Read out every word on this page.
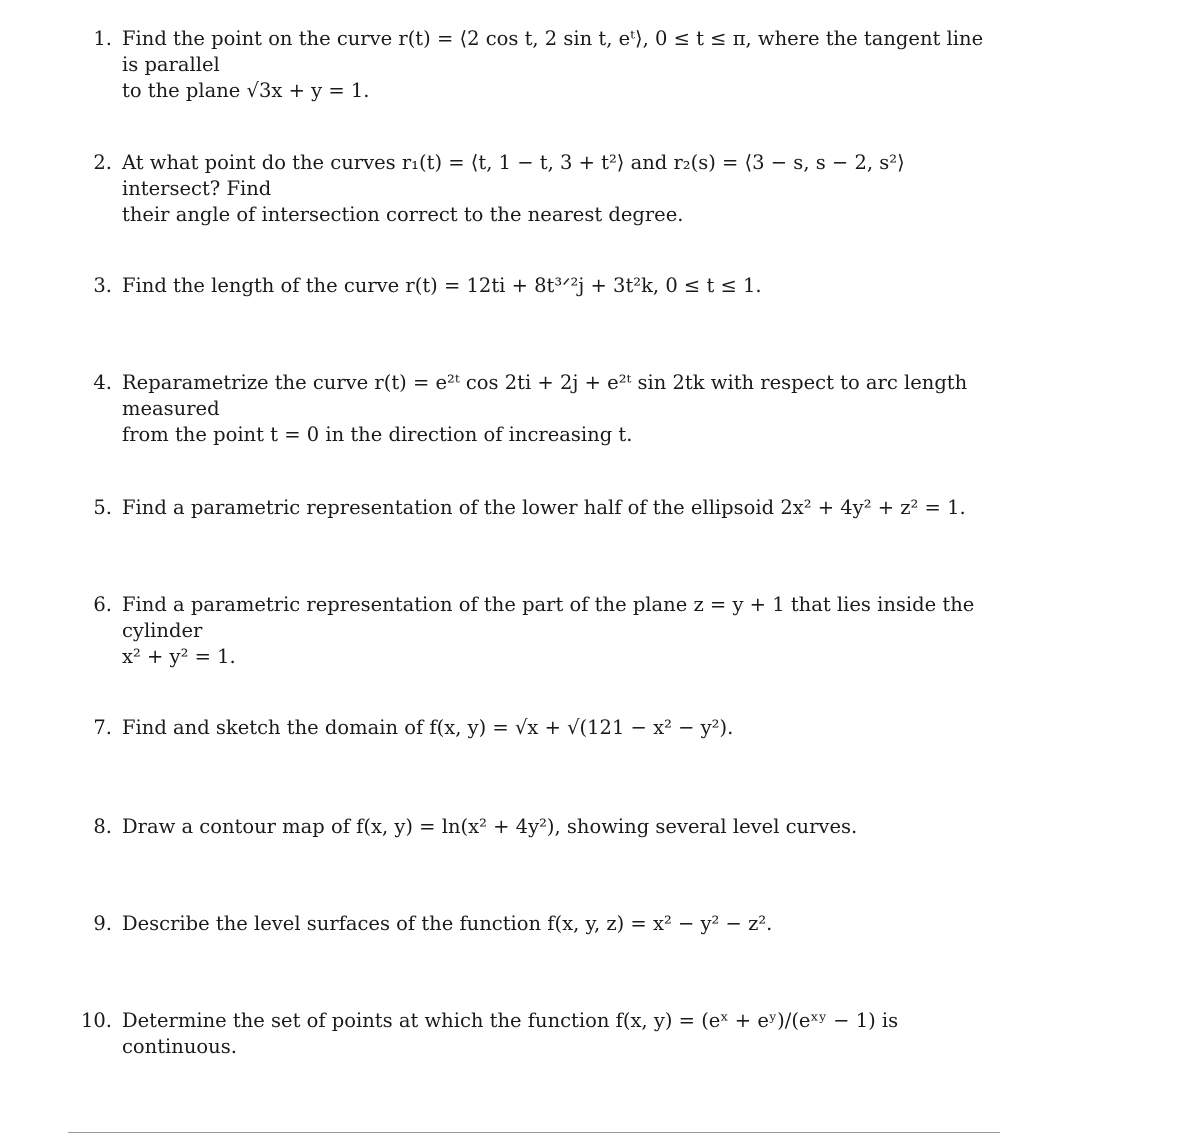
1. Find the point on the curve r(t) = ⟨2 cos t, 2 sin t, eᵗ⟩, 0 ≤ t ≤ π, where the tangent line is parallel
to the plane √3x + y = 1.
2. At what point do the curves r₁(t) = ⟨t, 1 − t, 3 + t²⟩ and r₂(s) = ⟨3 − s, s − 2, s²⟩ intersect? Find
their angle of intersection correct to the nearest degree.
3. Find the length of the curve r(t) = 12ti + 8t³ᐟ²j + 3t²k, 0 ≤ t ≤ 1.
4. Reparametrize the curve r(t) = e²ᵗ cos 2ti + 2j + e²ᵗ sin 2tk with respect to arc length measured
from the point t = 0 in the direction of increasing t.
5. Find a parametric representation of the lower half of the ellipsoid 2x² + 4y² + z² = 1.
6. Find a parametric representation of the part of the plane z = y + 1 that lies inside the cylinder
x² + y² = 1.
7. Find and sketch the domain of f(x, y) = √x + √(121 − x² − y²).
8. Draw a contour map of f(x, y) = ln(x² + 4y²), showing several level curves.
9. Describe the level surfaces of the function f(x, y, z) = x² − y² − z².
10. Determine the set of points at which the function f(x, y) = (eˣ + eʸ)/(eˣʸ − 1) is continuous.
